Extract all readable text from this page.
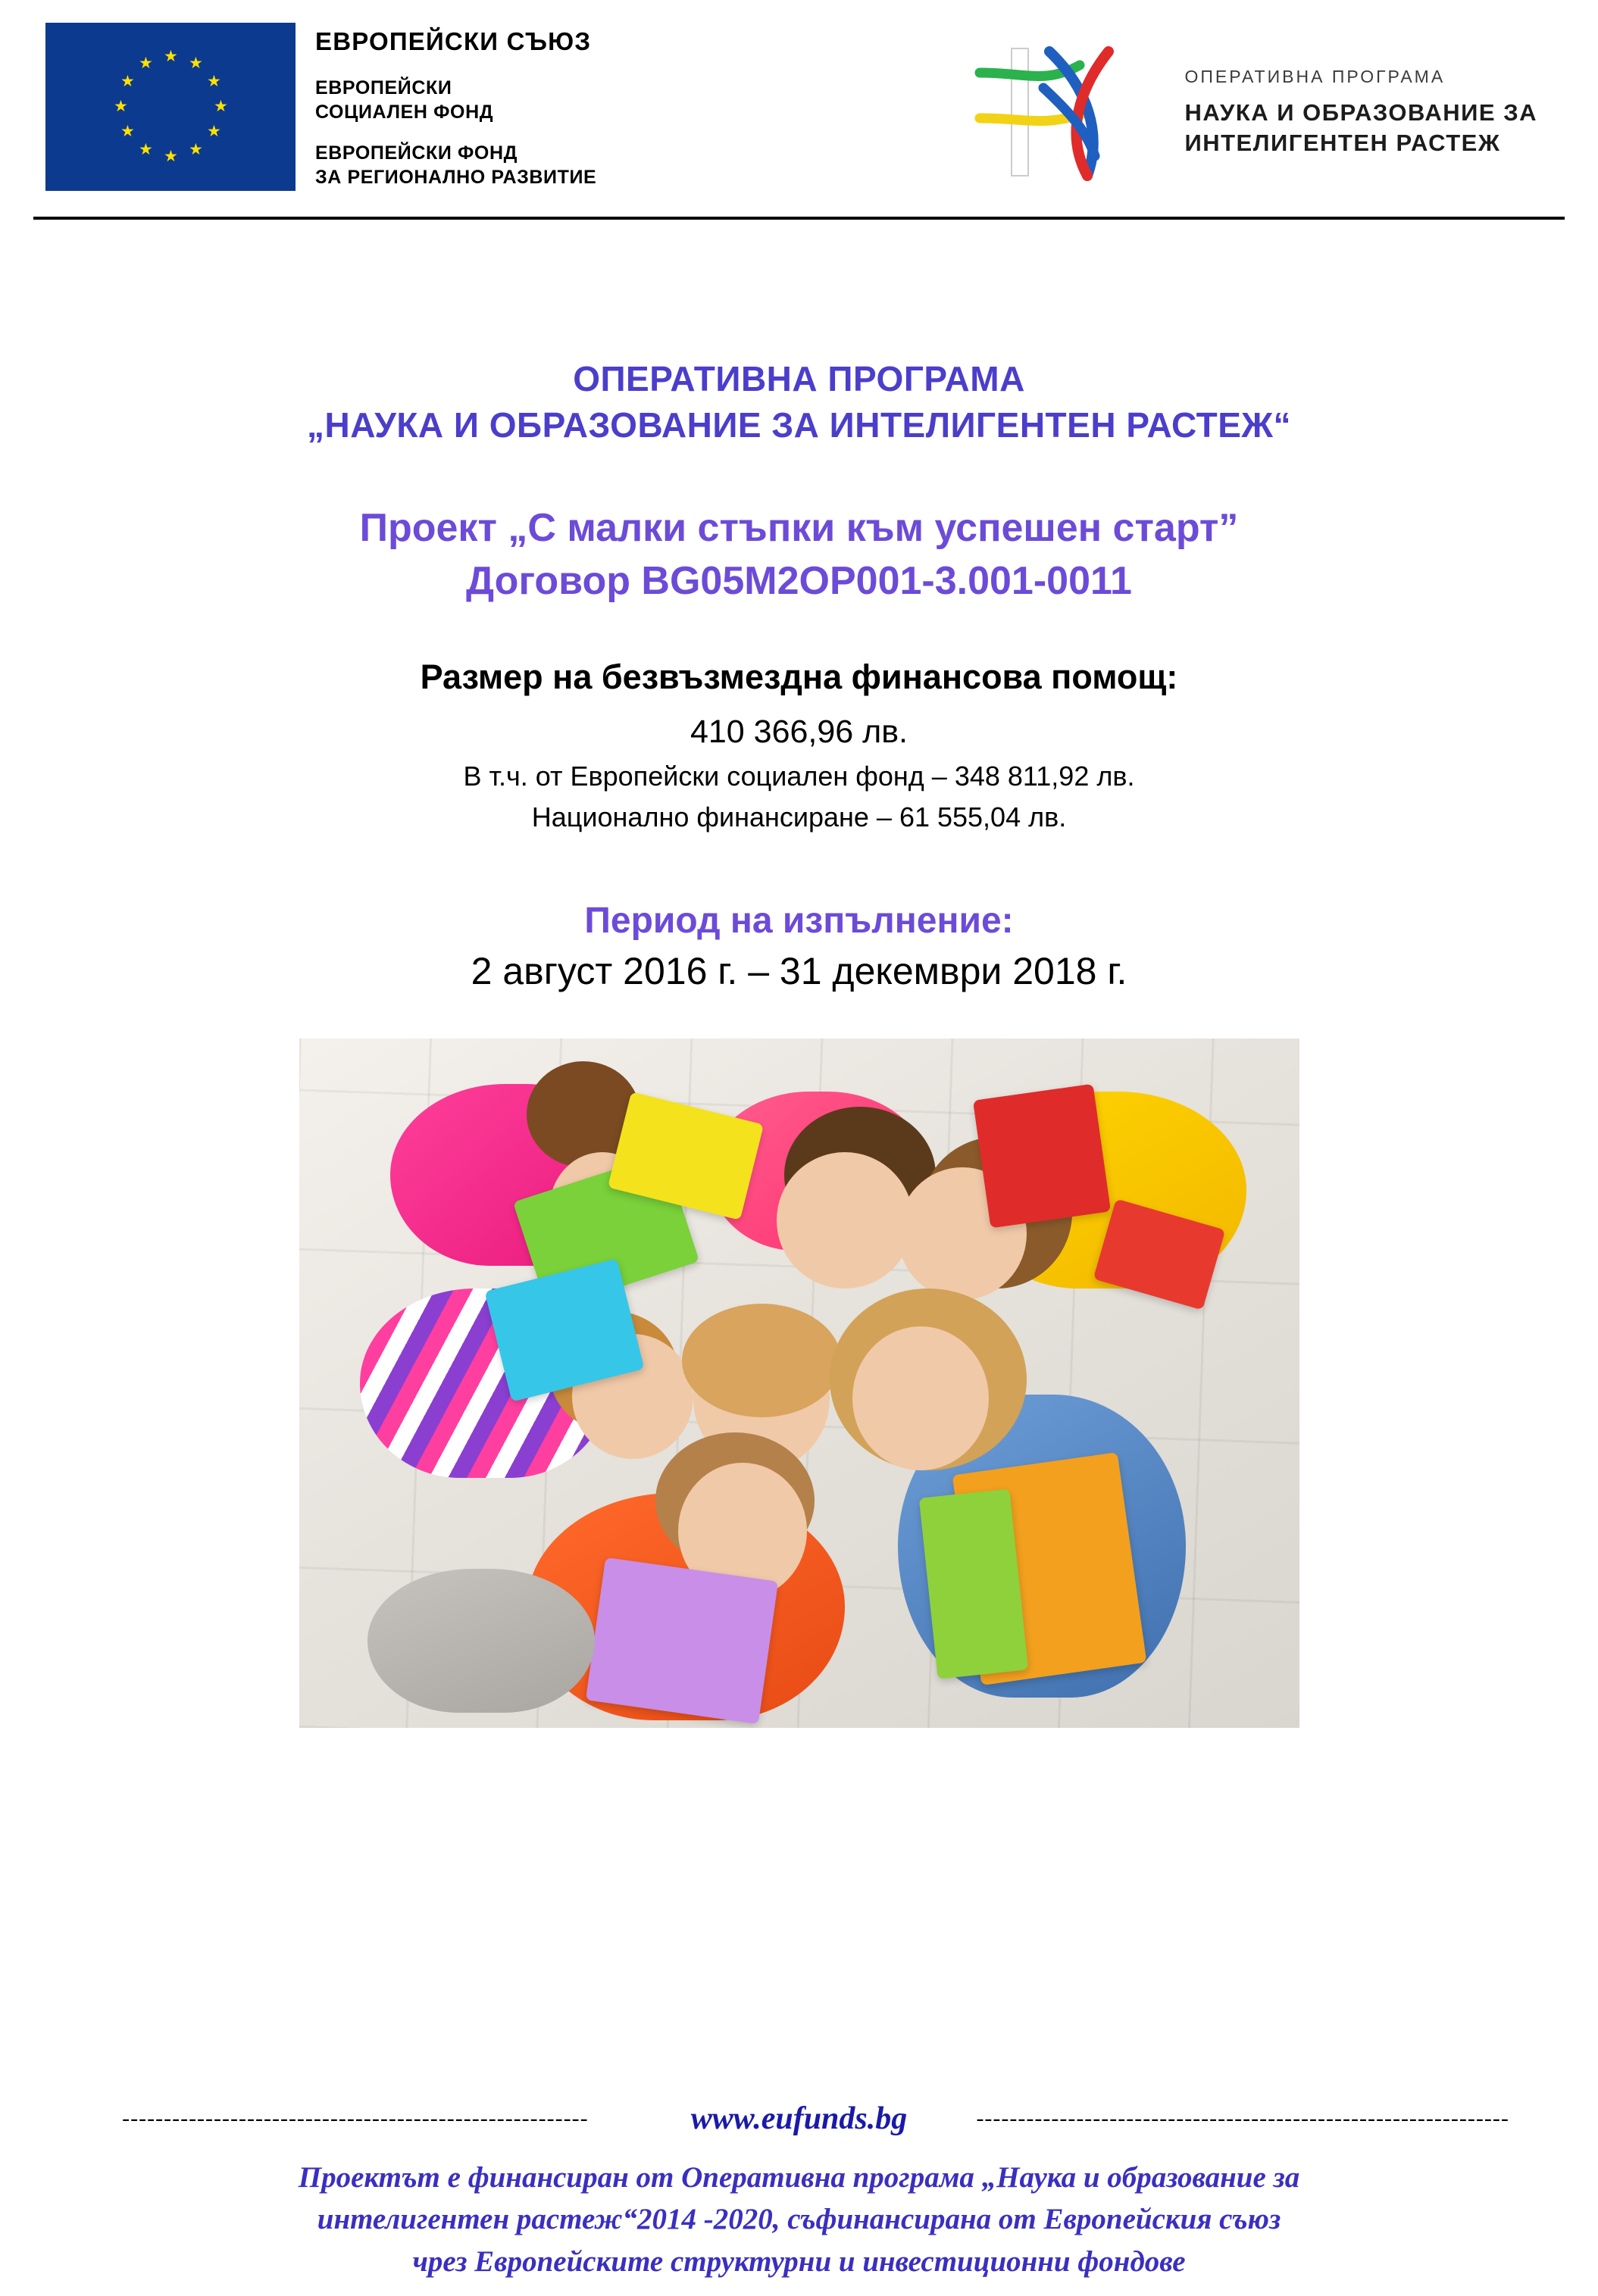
★ ★
★
★
★
★
★
★
★
★
★
★
ЕВРОПЕЙСКИ СЪЮЗ
ЕВРОПЕЙСКИ
СОЦИАЛЕН ФОНД
ЕВРОПЕЙСКИ ФОНД
ЗА РЕГИОНАЛНО РАЗВИТИЕ
ОПЕРАТИВНА ПРОГРАМА
НАУКА И ОБРАЗОВАНИЕ ЗА
ИНТЕЛИГЕНТЕН РАСТЕЖ
ОПЕРАТИВНА ПРОГРАМА
„НАУКА И ОБРАЗОВАНИЕ ЗА ИНТЕЛИГЕНТЕН РАСТЕЖ“
Проект „С малки стъпки към успешен старт”
Договор BG05M2OP001-3.001-0011
Размер на безвъзмездна финансова помощ:
410 366,96 лв.
В т.ч. от Европейски социален фонд – 348 811,92 лв.
Национално финансиране – 61 555,04 лв.
Период на изпълнение:
2 август 2016 г. – 31 декември 2018 г.
--------------------------------------------------------	www.eufunds.bg	----------------------------------------------------------------
Проектът е финансиран от Оперативна програма „Наука и образование за
интелигентен растеж“2014 -2020, съфинансирана от Европейския съюз
чрез Европейските структурни и инвестиционни фондове
